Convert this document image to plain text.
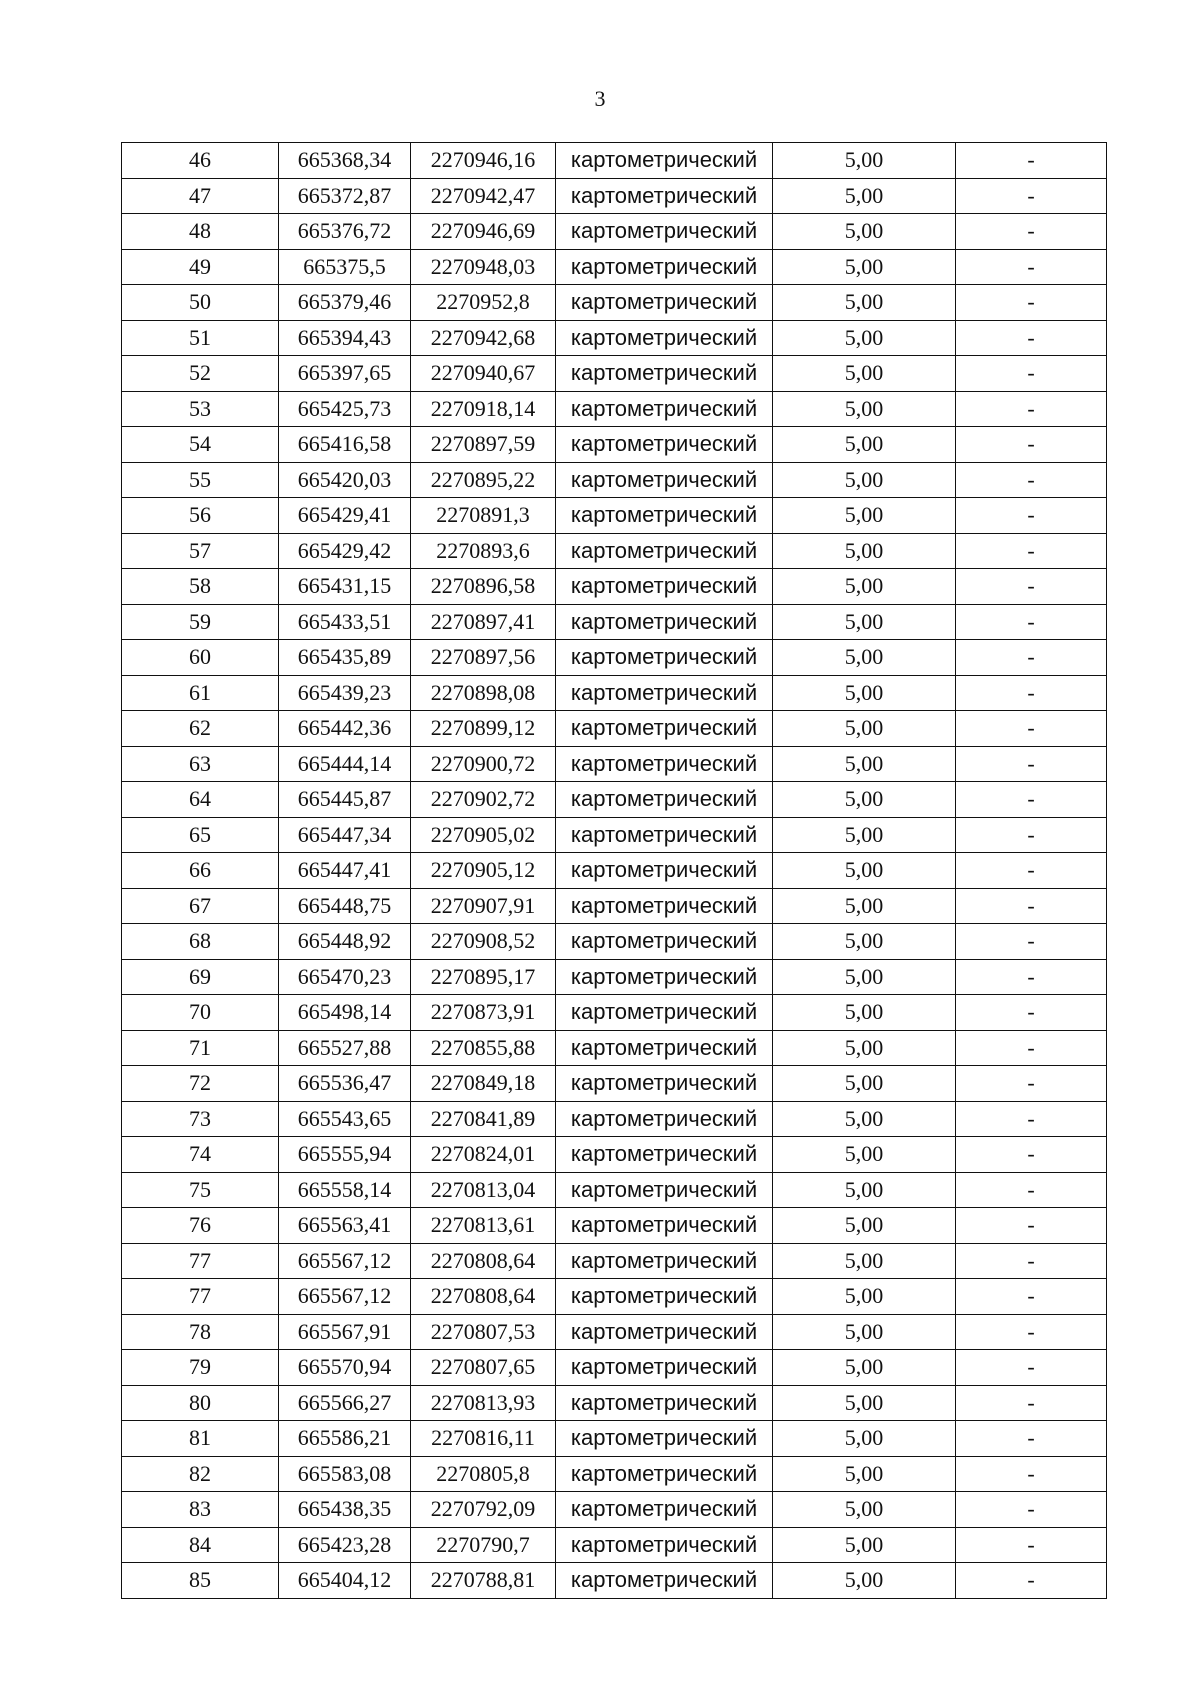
3
46	665368,34	2270946,16	картометрический	5,00	-
47	665372,87	2270942,47	картометрический	5,00	-
48	665376,72	2270946,69	картометрический	5,00	-
49	665375,5	2270948,03	картометрический	5,00	-
50	665379,46	2270952,8	картометрический	5,00	-
51	665394,43	2270942,68	картометрический	5,00	-
52	665397,65	2270940,67	картометрический	5,00	-
53	665425,73	2270918,14	картометрический	5,00	-
54	665416,58	2270897,59	картометрический	5,00	-
55	665420,03	2270895,22	картометрический	5,00	-
56	665429,41	2270891,3	картометрический	5,00	-
57	665429,42	2270893,6	картометрический	5,00	-
58	665431,15	2270896,58	картометрический	5,00	-
59	665433,51	2270897,41	картометрический	5,00	-
60	665435,89	2270897,56	картометрический	5,00	-
61	665439,23	2270898,08	картометрический	5,00	-
62	665442,36	2270899,12	картометрический	5,00	-
63	665444,14	2270900,72	картометрический	5,00	-
64	665445,87	2270902,72	картометрический	5,00	-
65	665447,34	2270905,02	картометрический	5,00	-
66	665447,41	2270905,12	картометрический	5,00	-
67	665448,75	2270907,91	картометрический	5,00	-
68	665448,92	2270908,52	картометрический	5,00	-
69	665470,23	2270895,17	картометрический	5,00	-
70	665498,14	2270873,91	картометрический	5,00	-
71	665527,88	2270855,88	картометрический	5,00	-
72	665536,47	2270849,18	картометрический	5,00	-
73	665543,65	2270841,89	картометрический	5,00	-
74	665555,94	2270824,01	картометрический	5,00	-
75	665558,14	2270813,04	картометрический	5,00	-
76	665563,41	2270813,61	картометрический	5,00	-
77	665567,12	2270808,64	картометрический	5,00	-
77	665567,12	2270808,64	картометрический	5,00	-
78	665567,91	2270807,53	картометрический	5,00	-
79	665570,94	2270807,65	картометрический	5,00	-
80	665566,27	2270813,93	картометрический	5,00	-
81	665586,21	2270816,11	картометрический	5,00	-
82	665583,08	2270805,8	картометрический	5,00	-
83	665438,35	2270792,09	картометрический	5,00	-
84	665423,28	2270790,7	картометрический	5,00	-
85	665404,12	2270788,81	картометрический	5,00	-
